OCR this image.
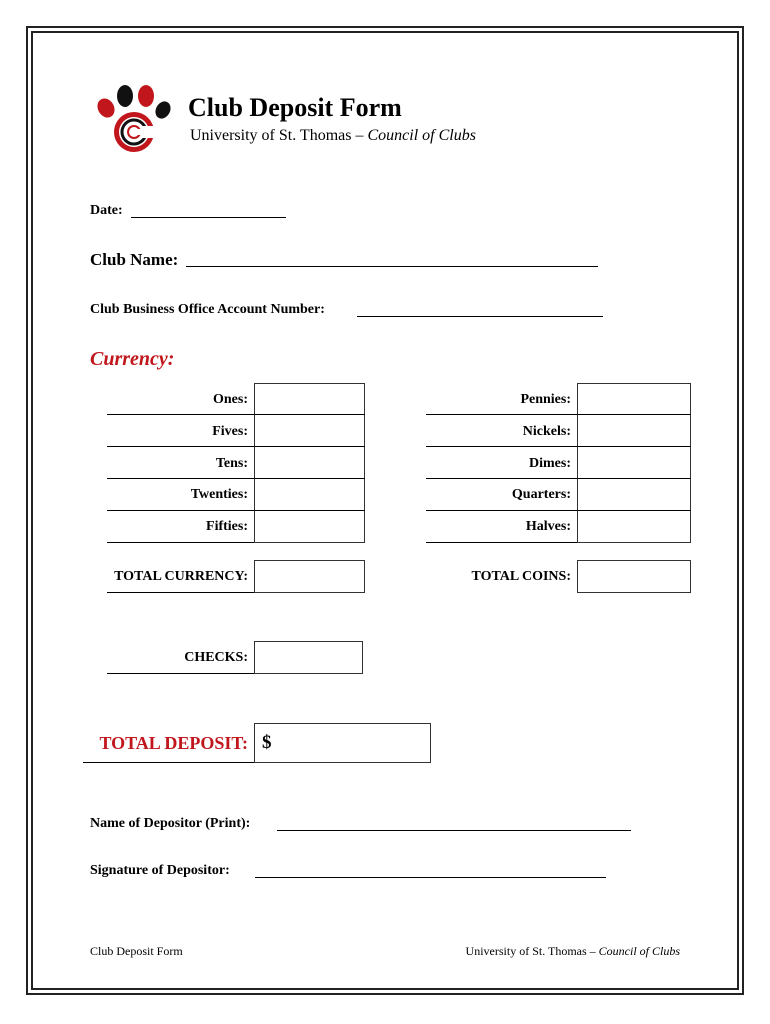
Club Deposit Form
University of St. Thomas – Council of Clubs
Date:
Club Name:
Club Business Office Account Number:
Currency:
Ones:
Fives:
Tens:
Twenties:
Fifties:
Pennies:
Nickels:
Dimes:
Quarters:
Halves:
TOTAL CURRENCY:	TOTAL COINS:
CHECKS:
TOTAL DEPOSIT: $
Name of Depositor (Print):
Signature of Depositor:
Club Deposit Form	University of St. Thomas – Council of Clubs
